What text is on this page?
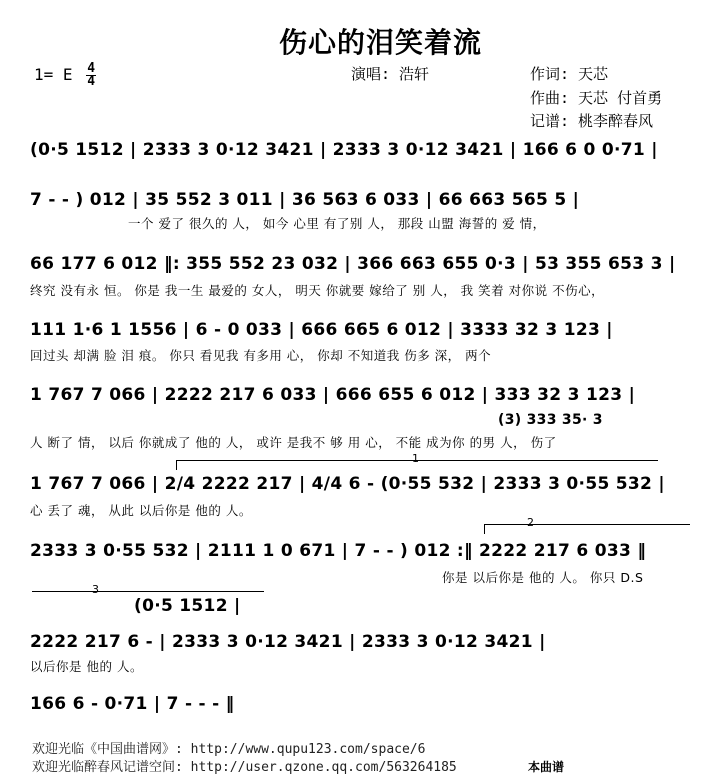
伤心的泪笑着流
1= E $\frac{4}{4}$	演唱: 浩轩	作词: 天芯
作曲: 天芯 付首勇
记谱: 桃李醉春风
(0·5 1512 | 2333 3 0·12 3421 | 2333 3 0·12 3421 | 166 6 0 0·71 |
7 - - ) 012 | 35 552 3 011 | 36 563 6 033 | 66 663 565 5 |
一个 爱了 很久的 人， 如今 心里 有了别 人， 那段 山盟 海誓的 爱 情，
66 177 6 012 ‖: 355 552 23 032 | 366 663 655 0·3 | 53 355 653 3 |
终究 没有永 恒。 你是 我一生 最爱的 女人， 明天 你就要 嫁给了 别 人， 我 笑着 对你说 不伤心，
111 1·6 1 1556 | 6 - 0 033 | 666 665 6 012 | 3333 32 3 123 |
回过头 却满 脸 泪 痕。 你只 看见我 有多用 心， 你却 不知道我 伤多 深， 两个
1 767 7 066 | 2222 217 6 033 | 666 655 6 012 | 333 32 3 123 |
(3) 333 35· 3
人 断了 情， 以后 你就成了 他的 人， 或许 是我不 够 用 心， 不能 成为你 的男 人， 伤了
1
1 767 7 066 | 2/4 2222 217 | 4/4 6 - (0·55 532 | 2333 3 0·55 532 |
心 丢了 魂， 从此 以后你是 他的 人。
2
2333 3 0·55 532 | 2111 1 0 671 | 7 - - ) 012 :‖ 2222 217 6 033 ‖
你是 以后你是 他的 人。 你只 D.S
3
(0·5 1512 |
2222 217 6 - | 2333 3 0·12 3421 | 2333 3 0·12 3421 |
以后你是 他的 人。
166 6 - 0·71 | 7 - - - ‖
欢迎光临《中国曲谱网》: http://www.qupu123.com/space/6
欢迎光临醉春风记谱空间: http://user.qzone.qq.com/563264185	本曲谱
